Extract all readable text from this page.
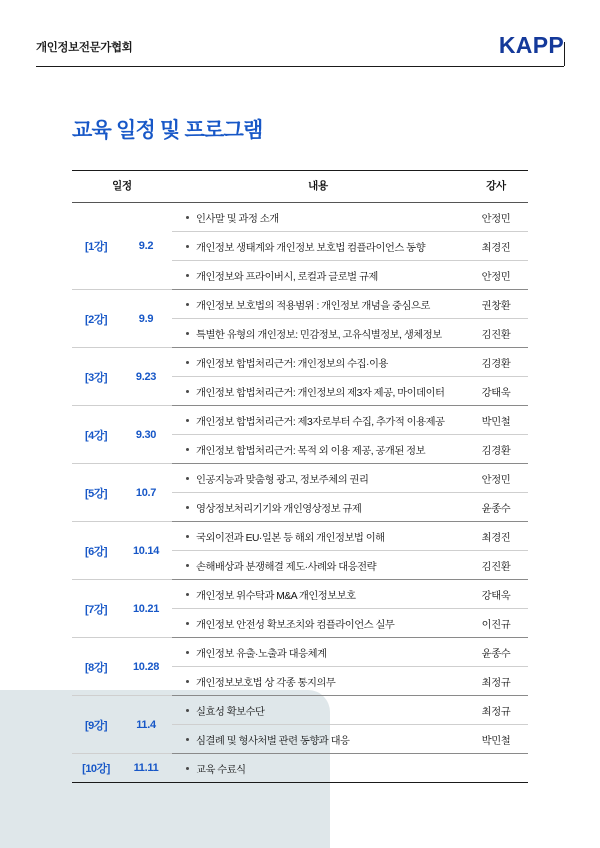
개인정보전문가협회	KAPP
교육 일정 및 프로그램
일정		내용	강사
[1강]	9.2	인사말 및 과정 소개	안정민
		개인정보 생태계와 개인정보 보호법 컴플라이언스 동향	최경진
		개인정보와 프라이버시, 로컬과 글로벌 규제	안정민
[2강]	9.9	개인정보 보호법의 적용범위 : 개인정보 개념을 중심으로	권창환
		특별한 유형의 개인정보: 민감정보, 고유식별정보, 생체정보	김진환
[3강]	9.23	개인정보 합법처리근거: 개인정보의 수집·이용	김경환
		개인정보 합법처리근거: 개인정보의 제3자 제공, 마이데이터	강태욱
[4강]	9.30	개인정보 합법처리근거: 제3자로부터 수집, 추가적 이용제공	박민철
		개인정보 합법처리근거: 목적 외 이용 제공, 공개된 정보	김경환
[5강]	10.7	인공지능과 맞춤형 광고, 정보주체의 권리	안정민
		영상정보처리기기와 개인영상정보 규제	윤종수
[6강]	10.14	국외이전과 EU·일본 등 해외 개인정보법 이해	최경진
		손해배상과 분쟁해결 제도·사례와 대응전략	김진환
[7강]	10.21	개인정보 위수탁과 M&A 개인정보보호	강태욱
		개인정보 안전성 확보조치와 컴플라이언스 실무	이진규
[8강]	10.28	개인정보 유출·노출과 대응체계	윤종수
		개인정보보호법 상 각종 통지의무	최정규
[9강]	11.4	실효성 확보수단	최정규
		심결례 및 형사처벌 관련 동향과 대응	박민철
[10강]	11.11	교육 수료식	
